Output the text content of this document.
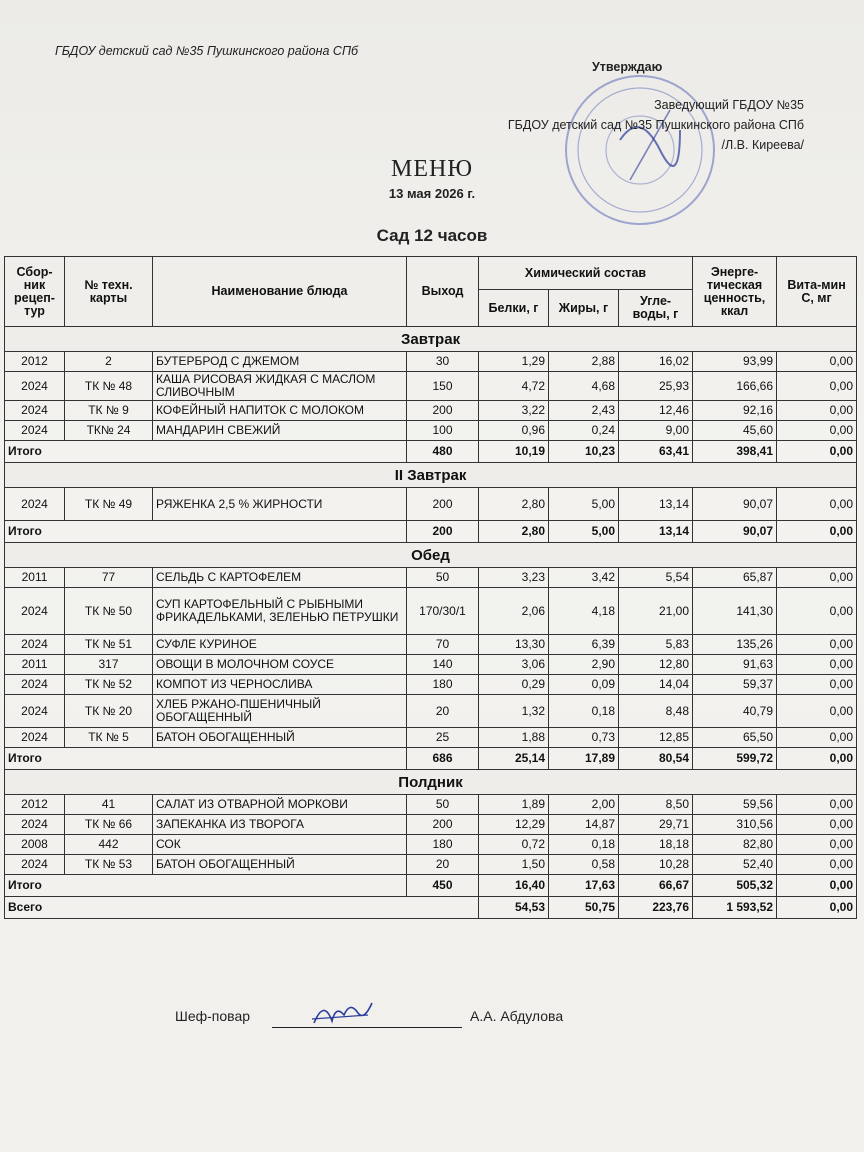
ГБДОУ детский сад №35 Пушкинского района СПб
Утверждаю
Заведующий ГБДОУ №35
ГБДОУ детский сад №35 Пушкинского района СПб
/Л.В. Киреева/
МЕНЮ
13 мая 2026 г.
Сад 12 часов
Сбор-ник рецеп-тур	№ техн. карты	Наименование блюда	Выход	Химический состав			Энерге-тическая ценность, ккал	Вита-мин С, мг
				Белки, г	Жиры, г	Угле-воды, г		
Завтрак								
2012	2	БУТЕРБРОД С ДЖЕМОМ	30	1,29	2,88	16,02	93,99	0,00
2024	ТК № 48	КАША РИСОВАЯ ЖИДКАЯ С МАСЛОМ СЛИВОЧНЫМ	150	4,72	4,68	25,93	166,66	0,00
2024	ТК № 9	КОФЕЙНЫЙ НАПИТОК С МОЛОКОМ	200	3,22	2,43	12,46	92,16	0,00
2024	ТК№ 24	МАНДАРИН СВЕЖИЙ	100	0,96	0,24	9,00	45,60	0,00
Итого			480	10,19	10,23	63,41	398,41	0,00
II Завтрак								
2024	ТК № 49	РЯЖЕНКА 2,5 % ЖИРНОСТИ	200	2,80	5,00	13,14	90,07	0,00
Итого			200	2,80	5,00	13,14	90,07	0,00
Обед								
2011	77	СЕЛЬДЬ С КАРТОФЕЛЕМ	50	3,23	3,42	5,54	65,87	0,00
2024	ТК № 50	СУП КАРТОФЕЛЬНЫЙ С РЫБНЫМИ ФРИКАДЕЛЬКАМИ, ЗЕЛЕНЬЮ ПЕТРУШКИ	170/30/1	2,06	4,18	21,00	141,30	0,00
2024	ТК № 51	СУФЛЕ КУРИНОЕ	70	13,30	6,39	5,83	135,26	0,00
2011	317	ОВОЩИ В МОЛОЧНОМ СОУСЕ	140	3,06	2,90	12,80	91,63	0,00
2024	ТК № 52	КОМПОТ ИЗ ЧЕРНОСЛИВА	180	0,29	0,09	14,04	59,37	0,00
2024	ТК № 20	ХЛЕБ РЖАНО-ПШЕНИЧНЫЙ ОБОГАЩЕННЫЙ	20	1,32	0,18	8,48	40,79	0,00
2024	ТК № 5	БАТОН ОБОГАЩЕННЫЙ	25	1,88	0,73	12,85	65,50	0,00
Итого			686	25,14	17,89	80,54	599,72	0,00
Полдник								
2012	41	САЛАТ ИЗ ОТВАРНОЙ МОРКОВИ	50	1,89	2,00	8,50	59,56	0,00
2024	ТК № 66	ЗАПЕКАНКА ИЗ ТВОРОГА	200	12,29	14,87	29,71	310,56	0,00
2008	442	СОК	180	0,72	0,18	18,18	82,80	0,00
2024	ТК № 53	БАТОН ОБОГАЩЕННЫЙ	20	1,50	0,58	10,28	52,40	0,00
Итого			450	16,40	17,63	66,67	505,32	0,00
Всего				54,53	50,75	223,76	1 593,52	0,00
Шеф-повар	А.А. Абдулова
